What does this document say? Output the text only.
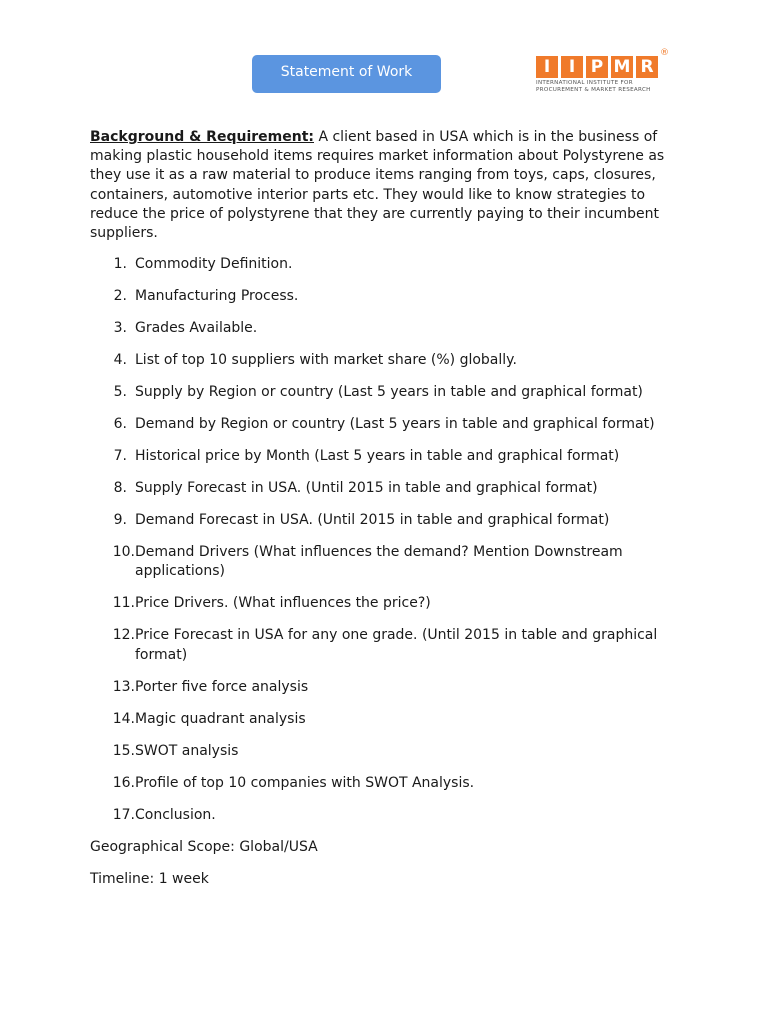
Statement of Work	I	I P M R
®
INTERNATIONAL INSTITUTE FOR
PROCUREMENT & MARKET RESEARCH

Background & Requirement: A client based in USA which is in the business of making plastic household items requires market information about Polystyrene as they use it as a raw material to produce items ranging from toys, caps, closures, containers, automotive interior parts etc. They would like to know strategies to reduce the price of polystyrene that they are currently paying to their incumbent suppliers.

1. Commodity Definition.
2. Manufacturing Process.
3. Grades Available.
4. List of top 10 suppliers with market share (%) globally.
5. Supply by Region or country (Last 5 years in table and graphical format)
6. Demand by Region or country (Last 5 years in table and graphical format)
7. Historical price by Month (Last 5 years in table and graphical format)
8. Supply Forecast in USA. (Until 2015 in table and graphical format)
9. Demand Forecast in USA. (Until 2015 in table and graphical format)
10. Demand Drivers (What influences the demand? Mention Downstream applications)
11. Price Drivers. (What influences the price?)
12. Price Forecast in USA for any one grade. (Until 2015 in table and graphical format)
13. Porter five force analysis
14. Magic quadrant analysis
15. SWOT analysis
16. Profile of top 10 companies with SWOT Analysis.
17. Conclusion.

Geographical Scope: Global/USA

Timeline: 1 week
